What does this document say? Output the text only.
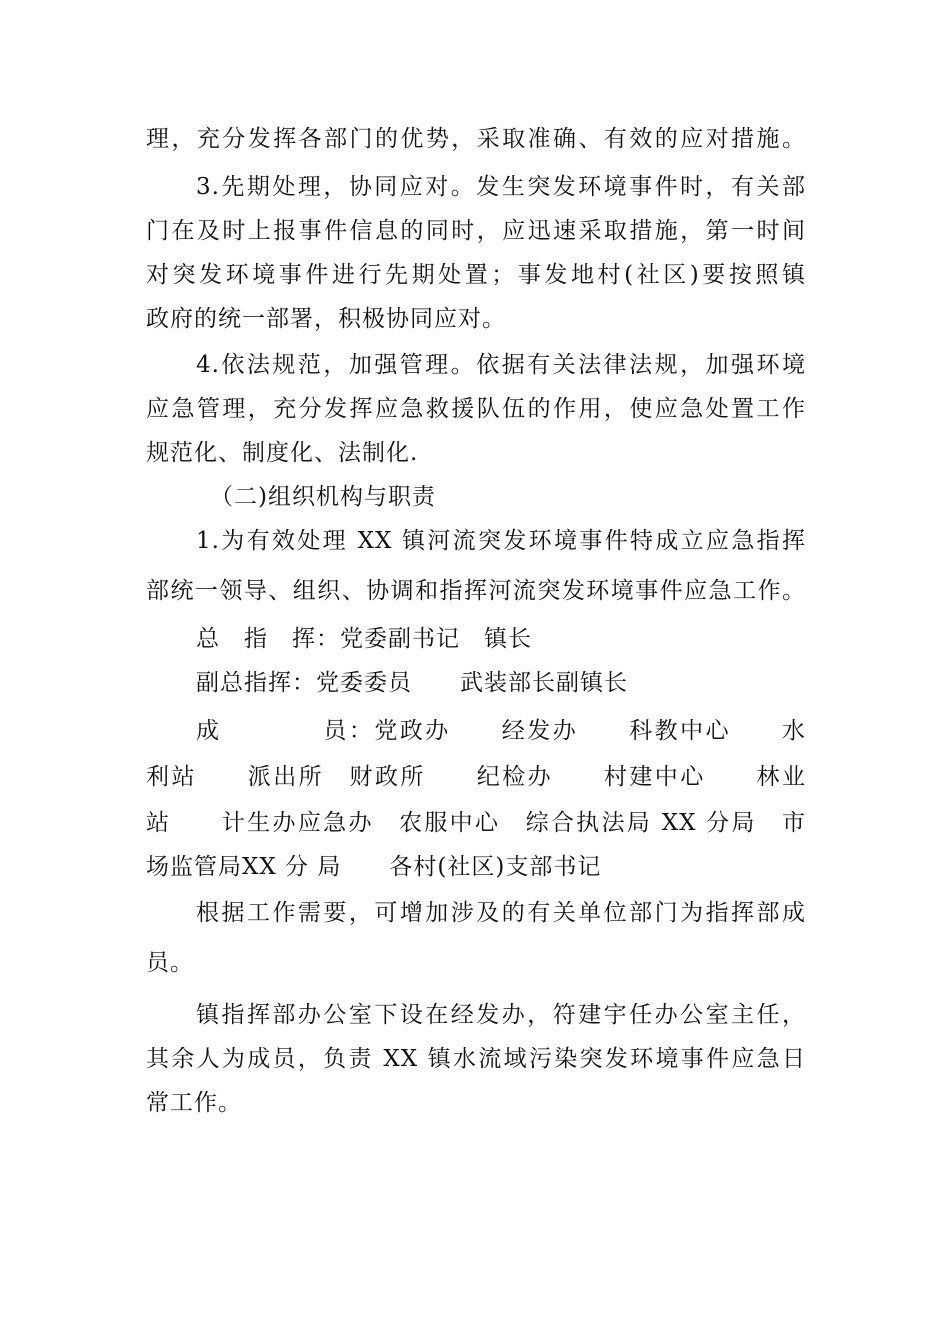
理，充分发挥各部门的优势，采取准确、有效的应对措施。
3.先期处理，协同应对。发生突发环境事件时，有关部
门在及时上报事件信息的同时，应迅速采取措施，第一时间
对突发环境事件进行先期处置；事发地村(社区)要按照镇
政府的统一部署，积极协同应对。
4.依法规范，加强管理。依据有关法律法规，加强环境
应急管理，充分发挥应急救援队伍的作用，使应急处置工作
规范化、制度化、法制化.
（二)组织机构与职责
1.为有效处理 XX 镇河流突发环境事件特成立应急指挥
部统一领导、组织、协调和指挥河流突发环境事件应急工作。
总　指　挥：党委副书记　镇长
副总指挥：党委委员　　武装部长副镇长
成　　　　员：党政办　　经发办　　科教中心　　水
利站　　派出所　财政所　　纪检办　　村建中心　　林业
站　　计生办应急办　农服中心　综合执法局 XX 分局　市
场监管局XX 分 局　　各村(社区)支部书记
根据工作需要，可增加涉及的有关单位部门为指挥部成
员。
镇指挥部办公室下设在经发办，符建宇任办公室主任，
其余人为成员，负责 XX 镇水流域污染突发环境事件应急日
常工作。
